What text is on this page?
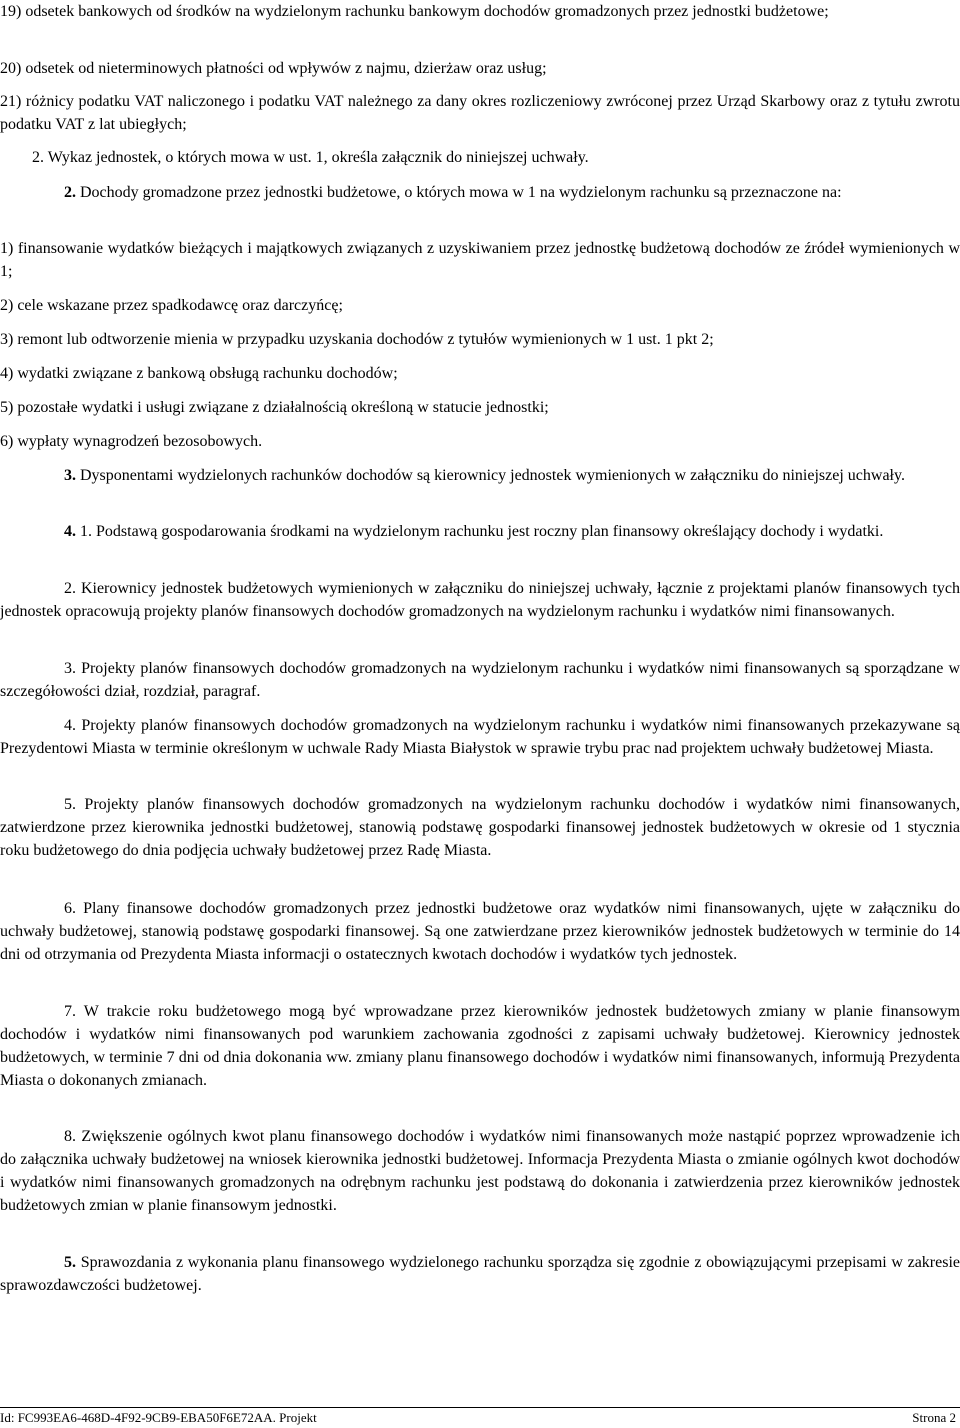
19) odsetek bankowych od środków na wydzielonym rachunku bankowym dochodów gromadzonych przez jednostki budżetowe;

20) odsetek od nieterminowych płatności od wpływów z najmu, dzierżaw oraz usług;

21) różnicy podatku VAT naliczonego i podatku VAT należnego za dany okres rozliczeniowy zwróconej przez Urząd Skarbowy oraz z tytułu zwrotu podatku VAT z lat ubiegłych;

2. Wykaz jednostek, o których mowa w ust. 1, określa załącznik do niniejszej uchwały.

2. Dochody gromadzone przez jednostki budżetowe, o których mowa w 1 na wydzielonym rachunku są przeznaczone na:

1) finansowanie wydatków bieżących i majątkowych związanych z uzyskiwaniem przez jednostkę budżetową dochodów ze źródeł wymienionych w 1;

2) cele wskazane przez spadkodawcę oraz darczyńcę;

3) remont lub odtworzenie mienia w przypadku uzyskania dochodów z tytułów wymienionych w 1 ust. 1 pkt 2;

4) wydatki związane z bankową obsługą rachunku dochodów;

5) pozostałe wydatki i usługi związane z działalnością określoną w statucie jednostki;

6) wypłaty wynagrodzeń bezosobowych.

3. Dysponentami wydzielonych rachunków dochodów są kierownicy jednostek wymienionych w załączniku do niniejszej uchwały.

4. 1. Podstawą gospodarowania środkami na wydzielonym rachunku jest roczny plan finansowy określający dochody i wydatki.

2. Kierownicy jednostek budżetowych wymienionych w załączniku do niniejszej uchwały, łącznie z projektami planów finansowych tych jednostek opracowują projekty planów finansowych dochodów gromadzonych na wydzielonym rachunku i wydatków nimi finansowanych.

3. Projekty planów finansowych dochodów gromadzonych na wydzielonym rachunku i wydatków nimi finansowanych są sporządzane w szczegółowości dział, rozdział, paragraf.

4. Projekty planów finansowych dochodów gromadzonych na wydzielonym rachunku i wydatków nimi finansowanych przekazywane są Prezydentowi Miasta w terminie określonym w uchwale Rady Miasta Białystok w sprawie trybu prac nad projektem uchwały budżetowej Miasta.

5. Projekty planów finansowych dochodów gromadzonych na wydzielonym rachunku dochodów i wydatków nimi finansowanych, zatwierdzone przez kierownika jednostki budżetowej, stanowią podstawę gospodarki finansowej jednostek budżetowych w okresie od 1 stycznia roku budżetowego do dnia podjęcia uchwały budżetowej przez Radę Miasta.

6. Plany finansowe dochodów gromadzonych przez jednostki budżetowe oraz wydatków nimi finansowanych, ujęte w załączniku do uchwały budżetowej, stanowią podstawę gospodarki finansowej. Są one zatwierdzane przez kierowników jednostek budżetowych w terminie do 14 dni od otrzymania od Prezydenta Miasta informacji o ostatecznych kwotach dochodów i wydatków tych jednostek.

7. W trakcie roku budżetowego mogą być wprowadzane przez kierowników jednostek budżetowych zmiany w planie finansowym dochodów i wydatków nimi finansowanych pod warunkiem zachowania zgodności z zapisami uchwały budżetowej. Kierownicy jednostek budżetowych, w terminie 7 dni od dnia dokonania ww. zmiany planu finansowego dochodów i wydatków nimi finansowanych, informują Prezydenta Miasta o dokonanych zmianach.

8. Zwiększenie ogólnych kwot planu finansowego dochodów i wydatków nimi finansowanych może nastąpić poprzez wprowadzenie ich do załącznika uchwały budżetowej na wniosek kierownika jednostki budżetowej. Informacja Prezydenta Miasta o zmianie ogólnych kwot dochodów i wydatków nimi finansowanych gromadzonych na odrębnym rachunku jest podstawą do dokonania i zatwierdzenia przez kierowników jednostek budżetowych zmian w planie finansowym jednostki.

5. Sprawozdania z wykonania planu finansowego wydzielonego rachunku sporządza się zgodnie z obowiązującymi przepisami w zakresie sprawozdawczości budżetowej.

Id: FC993EA6-468D-4F92-9CB9-EBA50F6E72AA. Projekt	Strona 2
